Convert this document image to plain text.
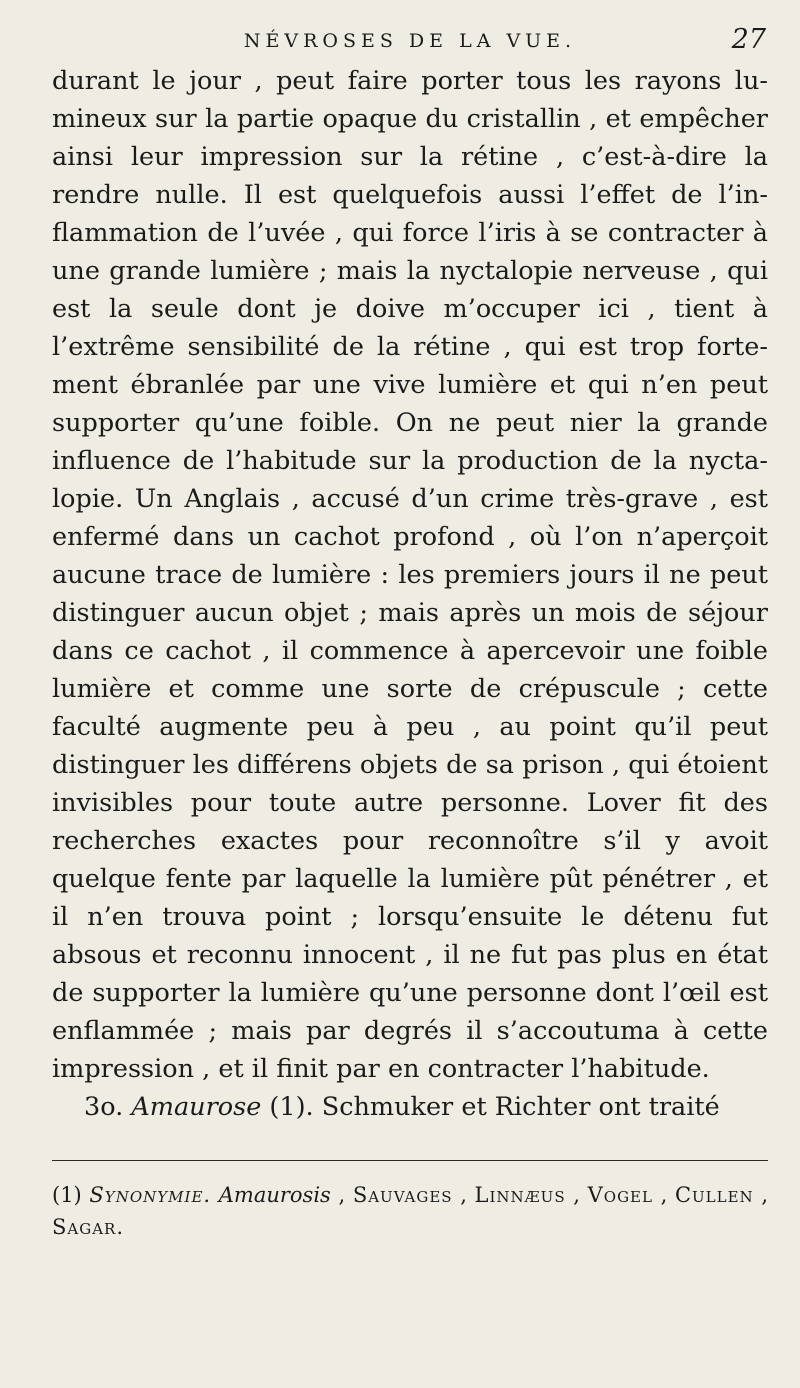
NÉVROSES DE LA VUE.	27

durant le jour , peut faire porter tous les rayons lumineux sur la partie opaque du cristallin , et empêcher ainsi leur impression sur la rétine , c’est-à-dire la rendre nulle. Il est quelquefois aussi l’effet de l’inflammation de l’uvée , qui force l’iris à se contracter à une grande lumière ; mais la nyctalopie nerveuse , qui est la seule dont je doive m’occuper ici , tient à l’extrême sensibilité de la rétine , qui est trop fortement ébranlée par une vive lumière et qui n’en peut supporter qu’une foible. On ne peut nier la grande influence de l’habitude sur la production de la nyctalopie. Un Anglais , accusé d’un crime très-grave , est enfermé dans un cachot profond , où l’on n’aperçoit aucune trace de lumière : les premiers jours il ne peut distinguer aucun objet ; mais après un mois de séjour dans ce cachot , il commence à apercevoir une foible lumière et comme une sorte de crépuscule ; cette faculté augmente peu à peu , au point qu’il peut distinguer les différens objets de sa prison , qui étoient invisibles pour toute autre personne. Lover fit des recherches exactes pour reconnoître s’il y avoit quelque fente par laquelle la lumière pût pénétrer , et il n’en trouva point ; lorsqu’ensuite le détenu fut absous et reconnu innocent , il ne fut pas plus en état de supporter la lumière qu’une personne dont l’œil est enflammée ; mais par degrés il s’accoutuma à cette impression , et il finit par en contracter l’habitude.

3o. Amaurose (1). Schmuker et Richter ont traité

(1) Synonymie. Amaurosis , Sauvages , Linnæus , Vogel , Cullen , Sagar.
